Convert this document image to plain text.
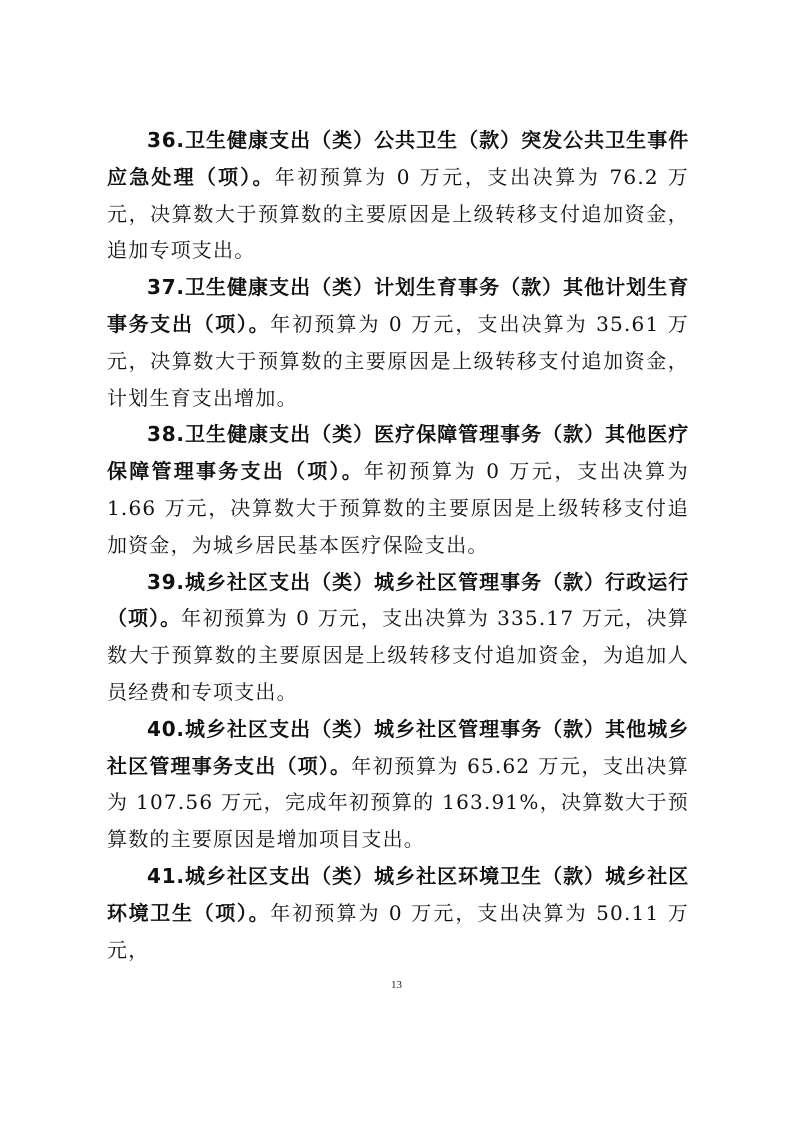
36.卫生健康支出（类）公共卫生（款）突发公共卫生事件应急处理（项）。年初预算为 0 万元，支出决算为 76.2 万元，决算数大于预算数的主要原因是上级转移支付追加资金，追加专项支出。

37.卫生健康支出（类）计划生育事务（款）其他计划生育事务支出（项）。年初预算为 0 万元，支出决算为 35.61 万元，决算数大于预算数的主要原因是上级转移支付追加资金，计划生育支出增加。

38.卫生健康支出（类）医疗保障管理事务（款）其他医疗保障管理事务支出（项）。年初预算为 0 万元，支出决算为 1.66 万元，决算数大于预算数的主要原因是上级转移支付追加资金，为城乡居民基本医疗保险支出。

39.城乡社区支出（类）城乡社区管理事务（款）行政运行（项）。年初预算为 0 万元，支出决算为 335.17 万元，决算数大于预算数的主要原因是上级转移支付追加资金，为追加人员经费和专项支出。

40.城乡社区支出（类）城乡社区管理事务（款）其他城乡社区管理事务支出（项）。年初预算为 65.62 万元，支出决算为 107.56 万元，完成年初预算的 163.91%，决算数大于预算数的主要原因是增加项目支出。

41.城乡社区支出（类）城乡社区环境卫生（款）城乡社区环境卫生（项）。年初预算为 0 万元，支出决算为 50.11 万元，

13
